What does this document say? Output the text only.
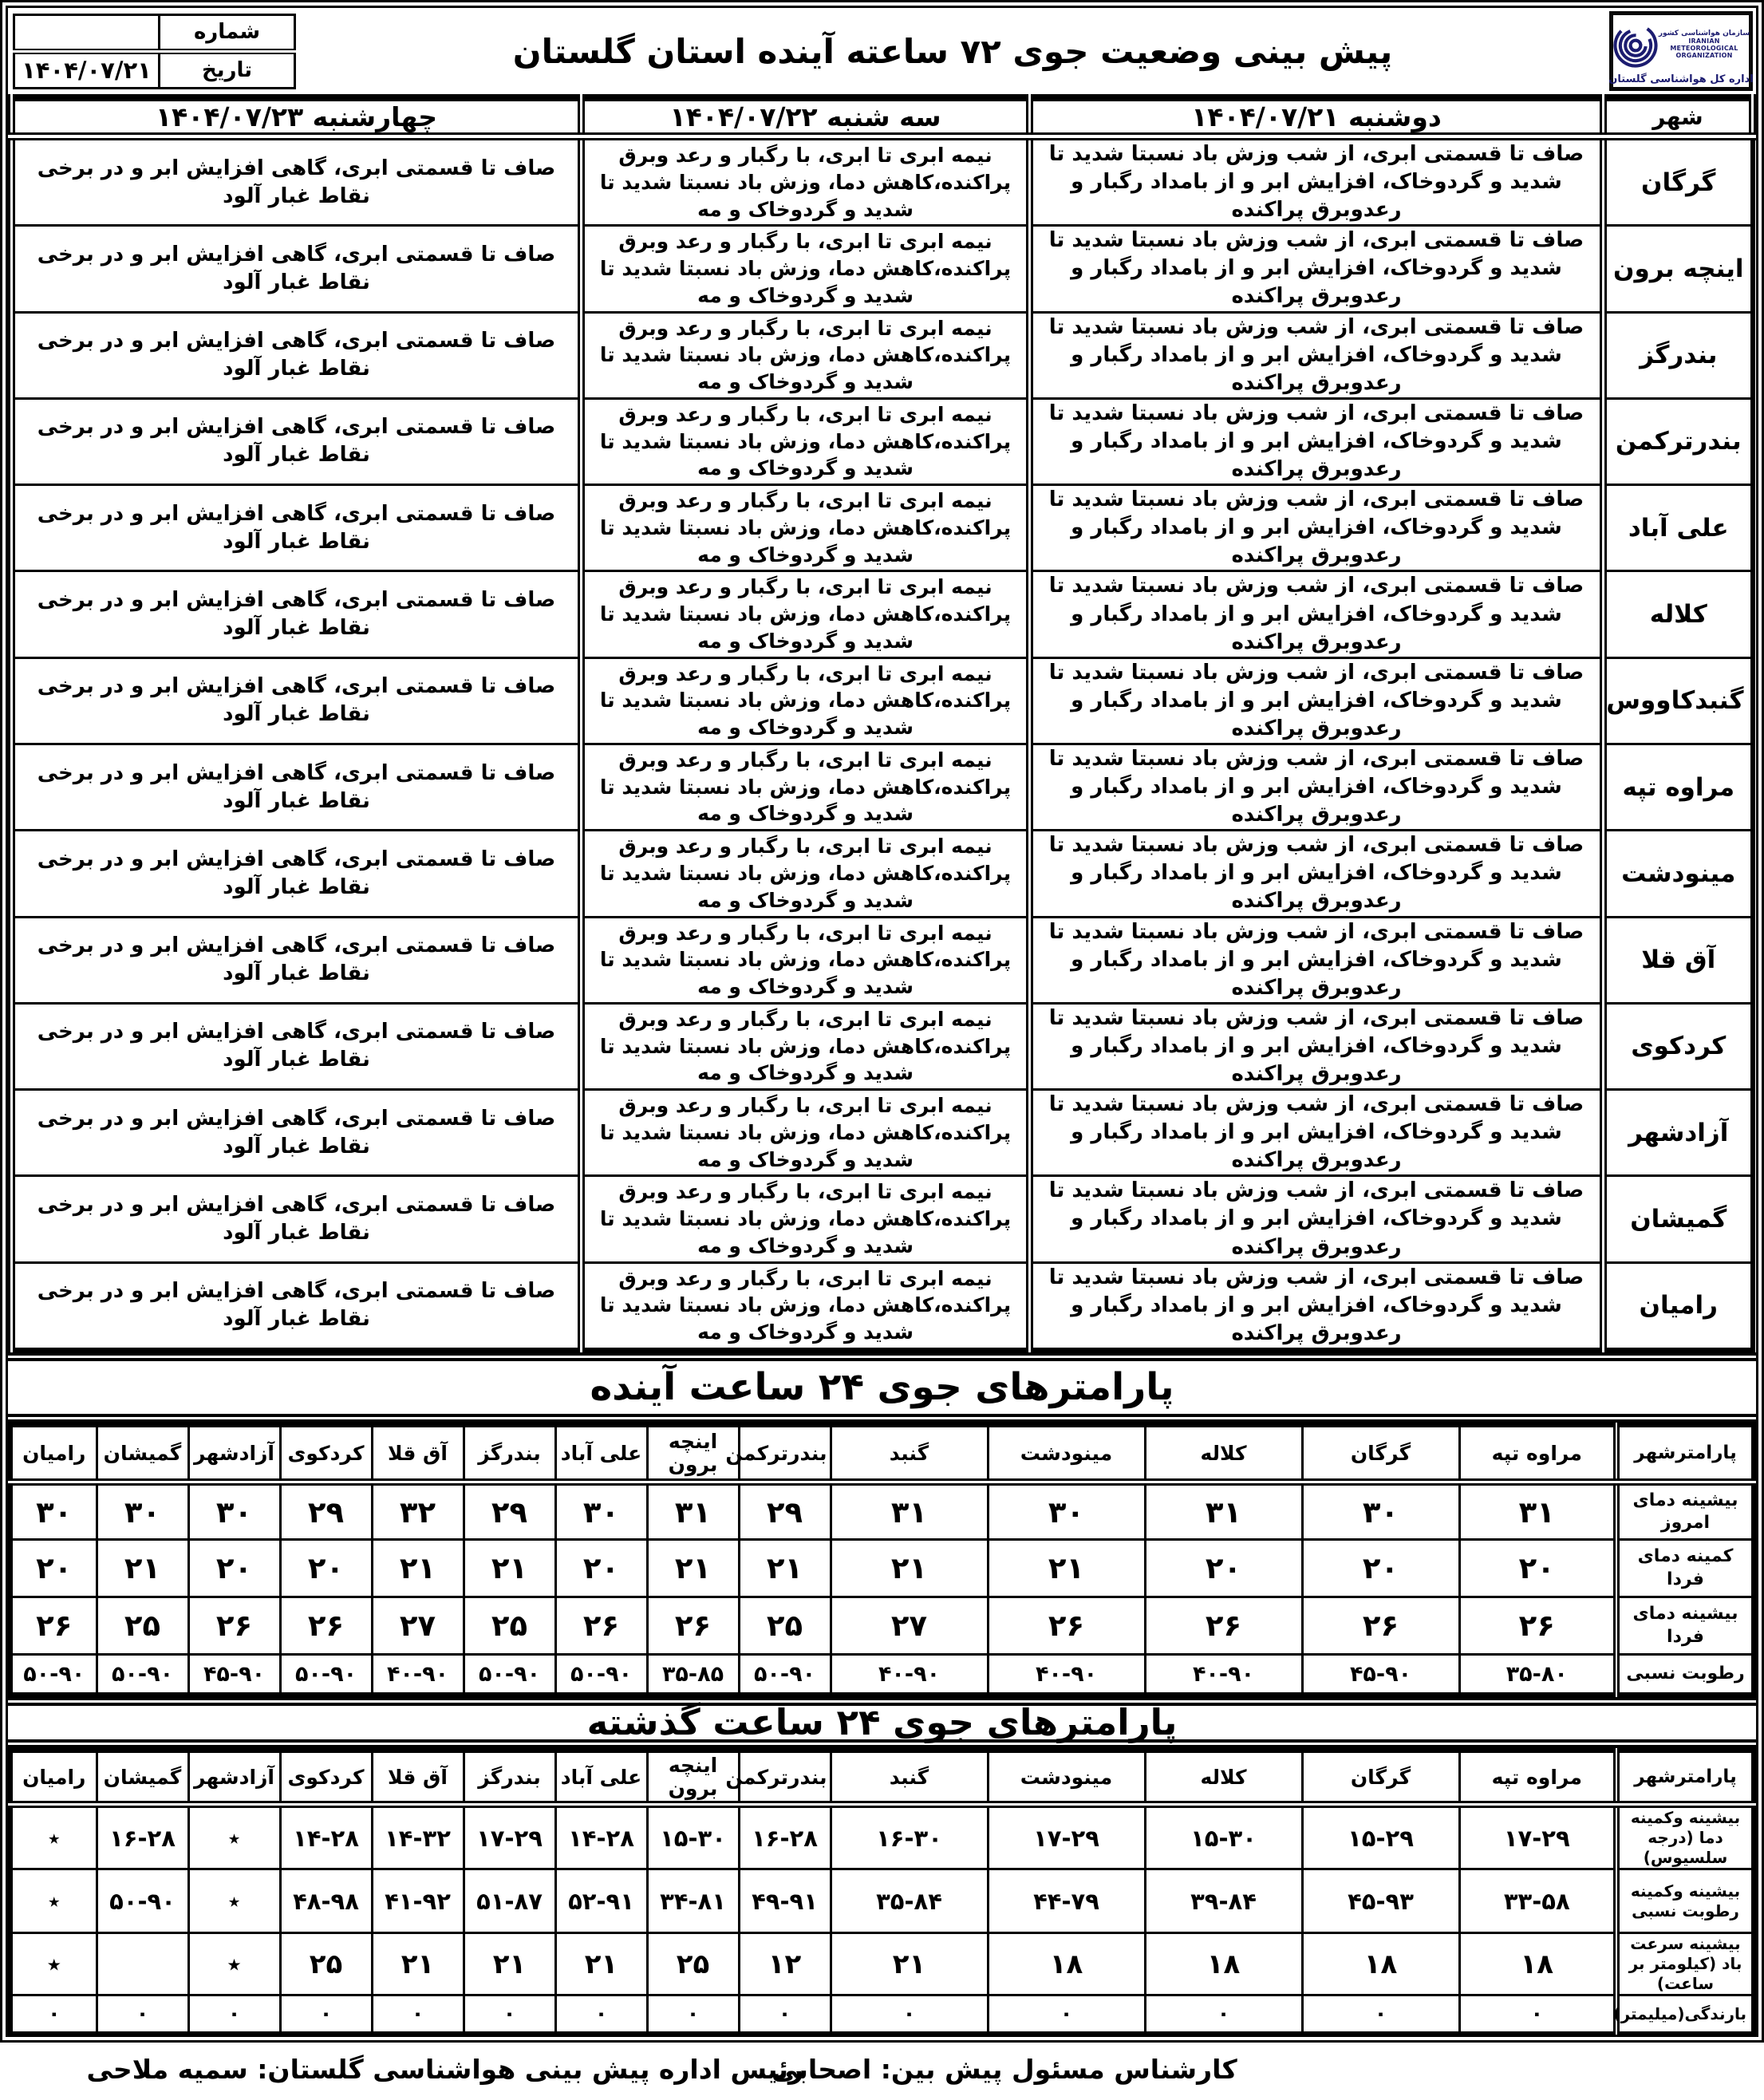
سازمان هواشناسی کشور
IRANIAN
METEOROLOGICAL
ORGANIZATION
اداره کل هواشناسی گلستان
پیش بینی وضعیت جوی ۷۲ ساعته آینده استان گلستان
شماره	
تاریخ	۱۴۰۴/۰۷/۲۱
شهر	دوشنبه ۱۴۰۴/۰۷/۲۱	سه شنبه ۱۴۰۴/۰۷/۲۲	چهارشنبه ۱۴۰۴/۰۷/۲۳
گرگان	صاف تا قسمتی ابری، از شب وزش باد نسبتا شدید تا شدید و گردوخاک، افزایش ابر و از بامداد رگبار و رعدوبرق پراکنده	نیمه ابری تا ابری، با رگبار و رعد وبرق پراکنده،کاهش دما، وزش باد نسبتا شدید تا شدید و گردوخاک و مه	صاف تا قسمتی ابری، گاهی افزایش ابر و در برخی نقاط غبار آلود
اینچه برون	صاف تا قسمتی ابری، از شب وزش باد نسبتا شدید تا شدید و گردوخاک، افزایش ابر و از بامداد رگبار و رعدوبرق پراکنده	نیمه ابری تا ابری، با رگبار و رعد وبرق پراکنده،کاهش دما، وزش باد نسبتا شدید تا شدید و گردوخاک و مه	صاف تا قسمتی ابری، گاهی افزایش ابر و در برخی نقاط غبار آلود
بندرگز	صاف تا قسمتی ابری، از شب وزش باد نسبتا شدید تا شدید و گردوخاک، افزایش ابر و از بامداد رگبار و رعدوبرق پراکنده	نیمه ابری تا ابری، با رگبار و رعد وبرق پراکنده،کاهش دما، وزش باد نسبتا شدید تا شدید و گردوخاک و مه	صاف تا قسمتی ابری، گاهی افزایش ابر و در برخی نقاط غبار آلود
بندرترکمن	صاف تا قسمتی ابری، از شب وزش باد نسبتا شدید تا شدید و گردوخاک، افزایش ابر و از بامداد رگبار و رعدوبرق پراکنده	نیمه ابری تا ابری، با رگبار و رعد وبرق پراکنده،کاهش دما، وزش باد نسبتا شدید تا شدید و گردوخاک و مه	صاف تا قسمتی ابری، گاهی افزایش ابر و در برخی نقاط غبار آلود
علی آباد	صاف تا قسمتی ابری، از شب وزش باد نسبتا شدید تا شدید و گردوخاک، افزایش ابر و از بامداد رگبار و رعدوبرق پراکنده	نیمه ابری تا ابری، با رگبار و رعد وبرق پراکنده،کاهش دما، وزش باد نسبتا شدید تا شدید و گردوخاک و مه	صاف تا قسمتی ابری، گاهی افزایش ابر و در برخی نقاط غبار آلود
کلاله	صاف تا قسمتی ابری، از شب وزش باد نسبتا شدید تا شدید و گردوخاک، افزایش ابر و از بامداد رگبار و رعدوبرق پراکنده	نیمه ابری تا ابری، با رگبار و رعد وبرق پراکنده،کاهش دما، وزش باد نسبتا شدید تا شدید و گردوخاک و مه	صاف تا قسمتی ابری، گاهی افزایش ابر و در برخی نقاط غبار آلود
گنبدکاووس	صاف تا قسمتی ابری، از شب وزش باد نسبتا شدید تا شدید و گردوخاک، افزایش ابر و از بامداد رگبار و رعدوبرق پراکنده	نیمه ابری تا ابری، با رگبار و رعد وبرق پراکنده،کاهش دما، وزش باد نسبتا شدید تا شدید و گردوخاک و مه	صاف تا قسمتی ابری، گاهی افزایش ابر و در برخی نقاط غبار آلود
مراوه تپه	صاف تا قسمتی ابری، از شب وزش باد نسبتا شدید تا شدید و گردوخاک، افزایش ابر و از بامداد رگبار و رعدوبرق پراکنده	نیمه ابری تا ابری، با رگبار و رعد وبرق پراکنده،کاهش دما، وزش باد نسبتا شدید تا شدید و گردوخاک و مه	صاف تا قسمتی ابری، گاهی افزایش ابر و در برخی نقاط غبار آلود
مینودشت	صاف تا قسمتی ابری، از شب وزش باد نسبتا شدید تا شدید و گردوخاک، افزایش ابر و از بامداد رگبار و رعدوبرق پراکنده	نیمه ابری تا ابری، با رگبار و رعد وبرق پراکنده،کاهش دما، وزش باد نسبتا شدید تا شدید و گردوخاک و مه	صاف تا قسمتی ابری، گاهی افزایش ابر و در برخی نقاط غبار آلود
آق قلا	صاف تا قسمتی ابری، از شب وزش باد نسبتا شدید تا شدید و گردوخاک، افزایش ابر و از بامداد رگبار و رعدوبرق پراکنده	نیمه ابری تا ابری، با رگبار و رعد وبرق پراکنده،کاهش دما، وزش باد نسبتا شدید تا شدید و گردوخاک و مه	صاف تا قسمتی ابری، گاهی افزایش ابر و در برخی نقاط غبار آلود
کردکوی	صاف تا قسمتی ابری، از شب وزش باد نسبتا شدید تا شدید و گردوخاک، افزایش ابر و از بامداد رگبار و رعدوبرق پراکنده	نیمه ابری تا ابری، با رگبار و رعد وبرق پراکنده،کاهش دما، وزش باد نسبتا شدید تا شدید و گردوخاک و مه	صاف تا قسمتی ابری، گاهی افزایش ابر و در برخی نقاط غبار آلود
آزادشهر	صاف تا قسمتی ابری، از شب وزش باد نسبتا شدید تا شدید و گردوخاک، افزایش ابر و از بامداد رگبار و رعدوبرق پراکنده	نیمه ابری تا ابری، با رگبار و رعد وبرق پراکنده،کاهش دما، وزش باد نسبتا شدید تا شدید و گردوخاک و مه	صاف تا قسمتی ابری، گاهی افزایش ابر و در برخی نقاط غبار آلود
گمیشان	صاف تا قسمتی ابری، از شب وزش باد نسبتا شدید تا شدید و گردوخاک، افزایش ابر و از بامداد رگبار و رعدوبرق پراکنده	نیمه ابری تا ابری، با رگبار و رعد وبرق پراکنده،کاهش دما، وزش باد نسبتا شدید تا شدید و گردوخاک و مه	صاف تا قسمتی ابری، گاهی افزایش ابر و در برخی نقاط غبار آلود
رامیان	صاف تا قسمتی ابری، از شب وزش باد نسبتا شدید تا شدید و گردوخاک، افزایش ابر و از بامداد رگبار و رعدوبرق پراکنده	نیمه ابری تا ابری، با رگبار و رعد وبرق پراکنده،کاهش دما، وزش باد نسبتا شدید تا شدید و گردوخاک و مه	صاف تا قسمتی ابری، گاهی افزایش ابر و در برخی نقاط غبار آلود
پارامترهای جوی ۲۴ ساعت آینده
پارامترشهر	مراوه تپه	گرگان	کلاله	مینودشت	گنبد	بندرترکمن	اینچه برون	علی آباد	بندرگز	آق قلا	کردکوی	آزادشهر	گمیشان	رامیان
بیشینه دمای امروز	۳۱	۳۰	۳۱	۳۰	۳۱	۲۹	۳۱	۳۰	۲۹	۳۲	۲۹	۳۰	۳۰	۳۰
کمینه دمای فردا	۲۰	۲۰	۲۰	۲۱	۲۱	۲۱	۲۱	۲۰	۲۱	۲۱	۲۰	۲۰	۲۱	۲۰
بیشینه دمای فردا	۲۶	۲۶	۲۶	۲۶	۲۷	۲۵	۲۶	۲۶	۲۵	۲۷	۲۶	۲۶	۲۵	۲۶
رطوبت نسبی	۳۵-۸۰	۴۵-۹۰	۴۰-۹۰	۴۰-۹۰	۴۰-۹۰	۵۰-۹۰	۳۵-۸۵	۵۰-۹۰	۵۰-۹۰	۴۰-۹۰	۵۰-۹۰	۴۵-۹۰	۵۰-۹۰	۵۰-۹۰
پارامترهای جوی ۲۴ ساعت گذشته
پارامترشهر	مراوه تپه	گرگان	کلاله	مینودشت	گنبد	بندرترکمن	اینچه برون	علی آباد	بندرگز	آق قلا	کردکوی	آزادشهر	گمیشان	رامیان
بیشینه وکمینه دما (درجه سلسیوس)	۱۷-۲۹	۱۵-۲۹	۱۵-۳۰	۱۷-۲۹	۱۶-۳۰	۱۶-۲۸	۱۵-۳۰	۱۴-۲۸	۱۷-۲۹	۱۴-۳۲	۱۴-۲۸	٭	۱۶-۲۸	٭
بیشینه وکمینه رطوبت نسبی	۳۳-۵۸	۴۵-۹۳	۳۹-۸۴	۴۴-۷۹	۳۵-۸۴	۴۹-۹۱	۳۴-۸۱	۵۲-۹۱	۵۱-۸۷	۴۱-۹۲	۴۸-۹۸	٭	۵۰-۹۰	٭
بیشینه سرعت باد (کیلومتر بر ساعت)	۱۸	۱۸	۱۸	۱۸	۲۱	۱۲	۲۵	۲۱	۲۱	۲۱	۲۵	٭		٭
بارندگی(میلیمتر)	۰	۰	۰	۰	۰	۰	۰	۰	۰	۰	۰	۰	۰	۰
کارشناس مسئول پیش بین: اصحابی
رئیس اداره پیش بینی هواشناسی گلستان: سمیه ملاحی
